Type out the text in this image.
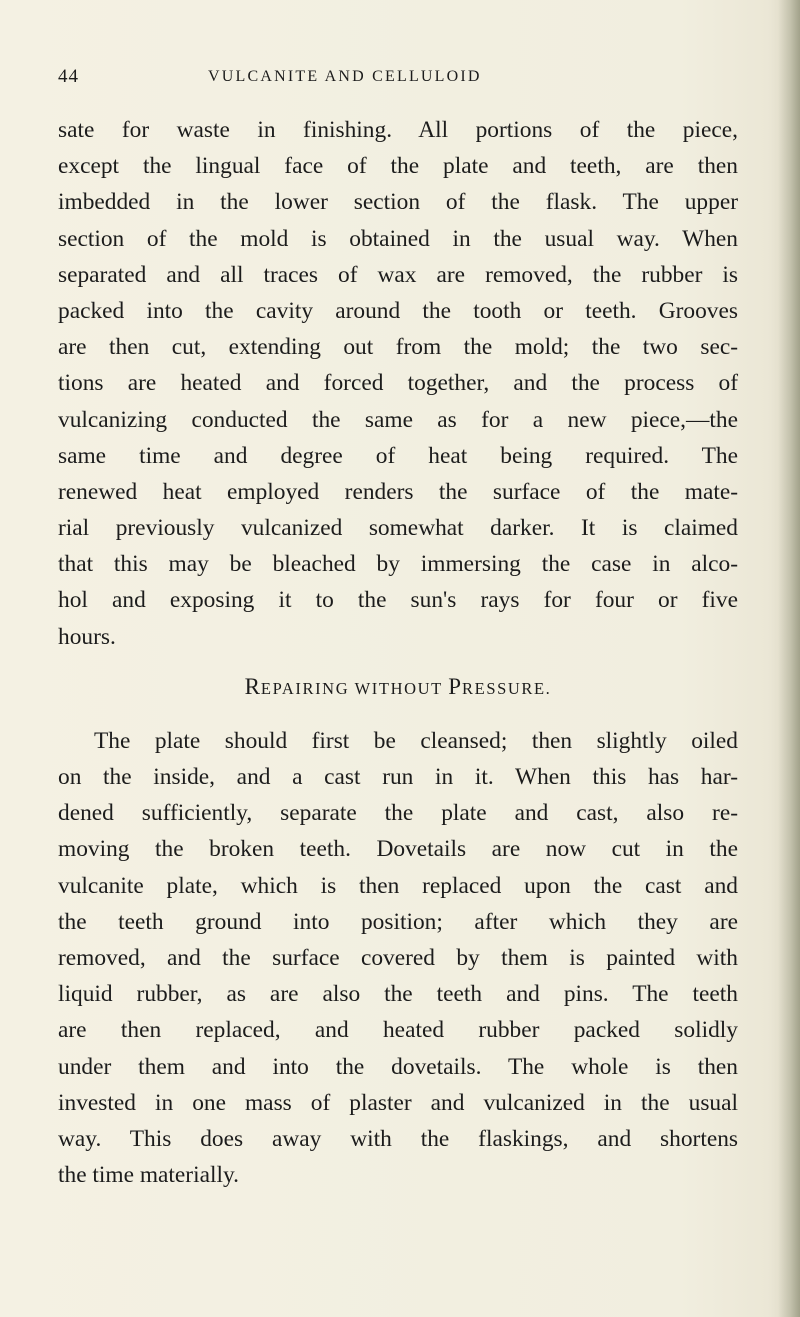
44	VULCANITE AND CELLULOID
sate for waste in finishing. All portions of the piece,
except the lingual face of the plate and teeth, are then
imbedded in the lower section of the flask. The upper
section of the mold is obtained in the usual way. When
separated and all traces of wax are removed, the rubber is
packed into the cavity around the tooth or teeth. Grooves
are then cut, extending out from the mold; the two sec-
tions are heated and forced together, and the process of
vulcanizing conducted the same as for a new piece,—the
same time and degree of heat being required. The
renewed heat employed renders the surface of the mate-
rial previously vulcanized somewhat darker. It is claimed
that this may be bleached by immersing the case in alco-
hol and exposing it to the sun's rays for four or five
hours.
REPAIRING WITHOUT PRESSURE.
The plate should first be cleansed; then slightly oiled
on the inside, and a cast run in it. When this has har-
dened sufficiently, separate the plate and cast, also re-
moving the broken teeth. Dovetails are now cut in the
vulcanite plate, which is then replaced upon the cast and
the teeth ground into position; after which they are
removed, and the surface covered by them is painted with
liquid rubber, as are also the teeth and pins. The teeth
are then replaced, and heated rubber packed solidly
under them and into the dovetails. The whole is then
invested in one mass of plaster and vulcanized in the usual
way. This does away with the flaskings, and shortens
the time materially.
